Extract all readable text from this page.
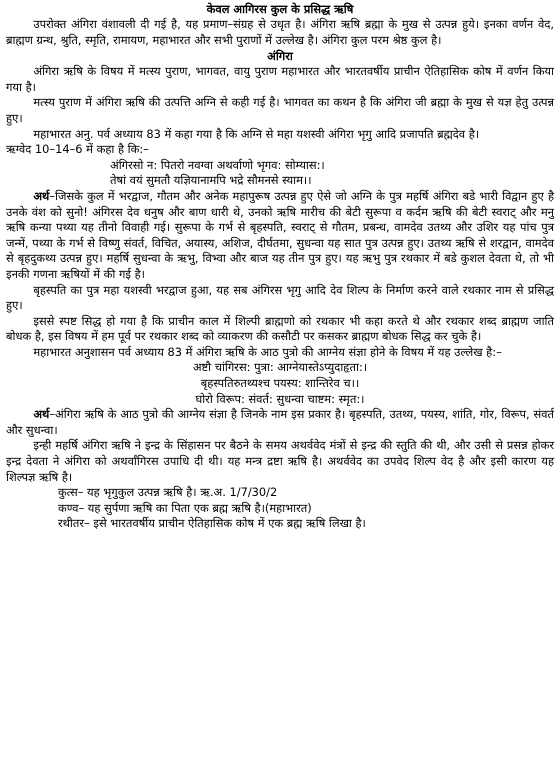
केवल आगिरस कुल के प्रसिद्ध ऋषि

उपरोक्त अंगिरा वंशावली दी गई है, यह प्रमाण–संग्रह से उधृत है। अंगिरा ऋषि ब्रह्मा के मुख से उत्पन्न हुये। इनका वर्णन वेद, ब्राह्मण ग्रन्थ, श्रुति, स्मृति, रामायण, महाभारत और सभी पुराणों में उल्लेख है। अंगिरा कुल परम श्रेष्ठ कुल है।

अंगिरा

अंगिरा ऋषि के विषय में मत्स्य पुराण, भागवत, वायु पुराण महाभारत और भारतवर्षीय प्राचीन ऐतिहासिक कोष में वर्णन किया गया है।

मत्स्य पुराण में अंगिरा ऋषि की उत्पत्ति अग्नि से कही गई है। भागवत का कथन है कि अंगिरा जी ब्रह्मा के मुख से यज्ञ हेतु उत्पन्न हुए।

महाभारत अनु. पर्व अध्याय 83 में कहा गया है कि अग्नि से महा यशस्वी अंगिरा भृगु आदि प्रजापति ब्रह्मदेव है।

ऋग्वेद 10–14–6 में कहा है कि:–

अंगिरसो न: पितरो नवग्वा अथर्वाणो भृगव: सोम्यास:।

तेषां वयं सुमतौ यज्ञियानामपि भद्रे सौमनसे स्याम।।

अर्थ–जिसके कुल में भरद्वाज, गौतम और अनेक महापुरूष उत्पन्न हुए ऐसे जो अग्नि के पुत्र महर्षि अंगिरा बडे भारी विद्वान हुए है उनके वंश को सुनो! अंगिरस देव धनुष और बाण धारी थे, उनको ऋषि मारीच की बेटी सुरूपा व कर्दम ऋषि की बेटी स्वराट् और मनु ऋषि कन्या पथ्या यह तीनो विवाही गई। सुरूपा के गर्भ से बृहस्पति, स्वराट् से गौतम, प्रबन्ध, वामदेव उतथ्य और उशिर यह पांच पुत्र जन्में, पथ्या के गर्भ से विष्णु संवर्त, विचित, अयास्य, अशिज, दीर्घतमा, सुधन्वा यह सात पुत्र उत्पन्न हुए। उतथ्य ऋषि से शरद्वान, वामदेव से बृहदुकथ्य उत्पन्न हुए। महर्षि सुधन्वा के ऋभु, विभ्वा और बाज यह तीन पुत्र हुए। यह ऋभु पुत्र रथकार में बडे कुशल देवता थे, तो भी इनकी गणना ऋषियों में की गई है।

बृहस्पति का पुत्र महा यशस्वी भरद्वाज हुआ, यह सब अंगिरस भृगु आदि देव शिल्प के निर्माण करने वाले रथकार नाम से प्रसिद्ध हुए।

इससे स्पष्ट सिद्ध हो गया है कि प्राचीन काल में शिल्पी ब्राह्मणो को रथकार भी कहा करते थे और रथकार शब्द ब्राह्मण जाति बोधक है, इस विषय में हम पूर्व पर रथकार शब्द को व्याकरण की कसौटी पर कसकर ब्राह्मण बोधक सिद्ध कर चुके है।

महाभारत अनुशासन पर्व अध्याय 83 में अंगिरा ऋषि के आठ पुत्रो की आग्नेय संज्ञा होने के विषय में यह उल्लेख है:–

अष्टौ चांगिरस: पुत्रा: आग्नेयास्तेऽप्युदाहृता:।

बृहस्पतिरुतथ्यश्च पयस्य: शान्तिरेव च।।

घोरो विरूप: संवर्त: सुधन्वा चाष्टम: स्मृत:।

अर्थ–अंगिरा ऋषि के आठ पुत्रो की आग्नेय संज्ञा है जिनके नाम इस प्रकार है। बृहस्पति, उतथ्य, पयस्य, शांति, गोर, विरूप, संवर्त और सुधन्वा।

इन्ही महर्षि अंगिरा ऋषि ने इन्द्र के सिंहासन पर बैठने के समय अथर्ववेद मंत्रों से इन्द्र की स्तुति की थी, और उसी से प्रसन्न होकर इन्द्र देवता ने अंगिरा को अथर्वांगिरस उपाधि दी थी। यह मन्त्र द्रष्टा ऋषि है। अथर्ववेद का उपवेद शिल्प वेद है और इसी कारण यह शिल्पज्ञ ऋषि है।

कुत्स– यह भृगुकुल उत्पन्न ऋषि है। ऋ.अ. 1/7/30/2

कण्व– यह सुर्पणा ऋषि का पिता एक ब्रह्म ऋषि है।(महाभारत)

रथीतर– इसे भारतवर्षीय प्राचीन ऐतिहासिक कोष में एक ब्रह्म ऋषि लिखा है।
